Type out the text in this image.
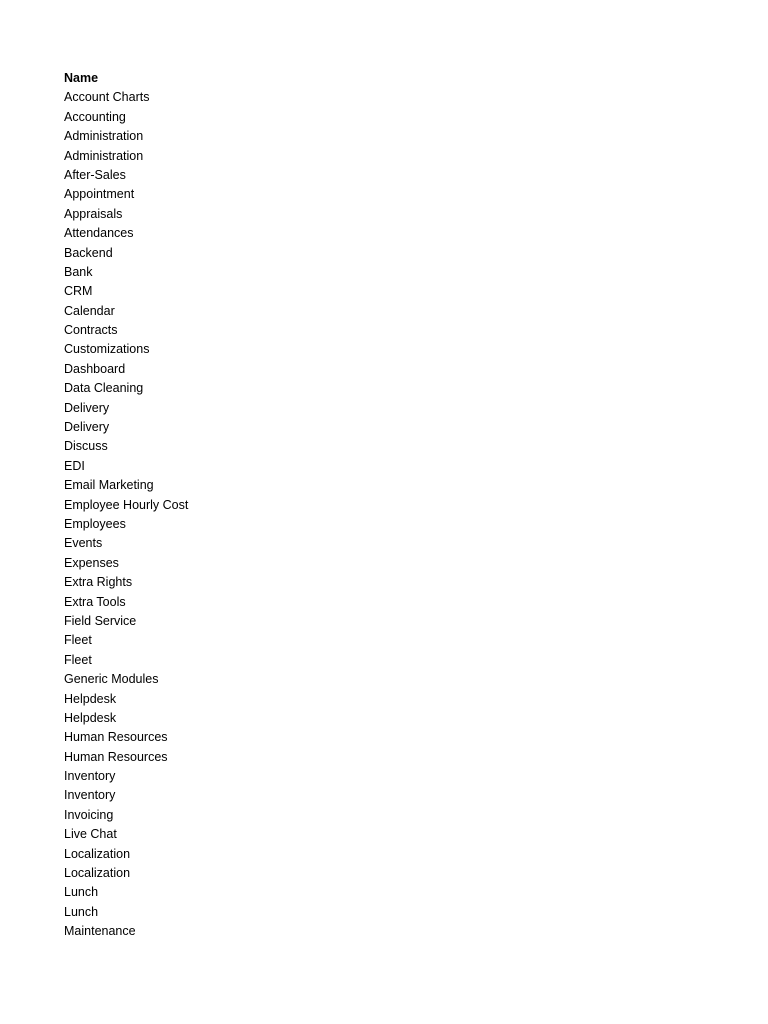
Name
Account Charts
Accounting
Administration
Administration
After-Sales
Appointment
Appraisals
Attendances
Backend
Bank
CRM
Calendar
Contracts
Customizations
Dashboard
Data Cleaning
Delivery
Delivery
Discuss
EDI
Email Marketing
Employee Hourly Cost
Employees
Events
Expenses
Extra Rights
Extra Tools
Field Service
Fleet
Fleet
Generic Modules
Helpdesk
Helpdesk
Human Resources
Human Resources
Inventory
Inventory
Invoicing
Live Chat
Localization
Localization
Lunch
Lunch
Maintenance
